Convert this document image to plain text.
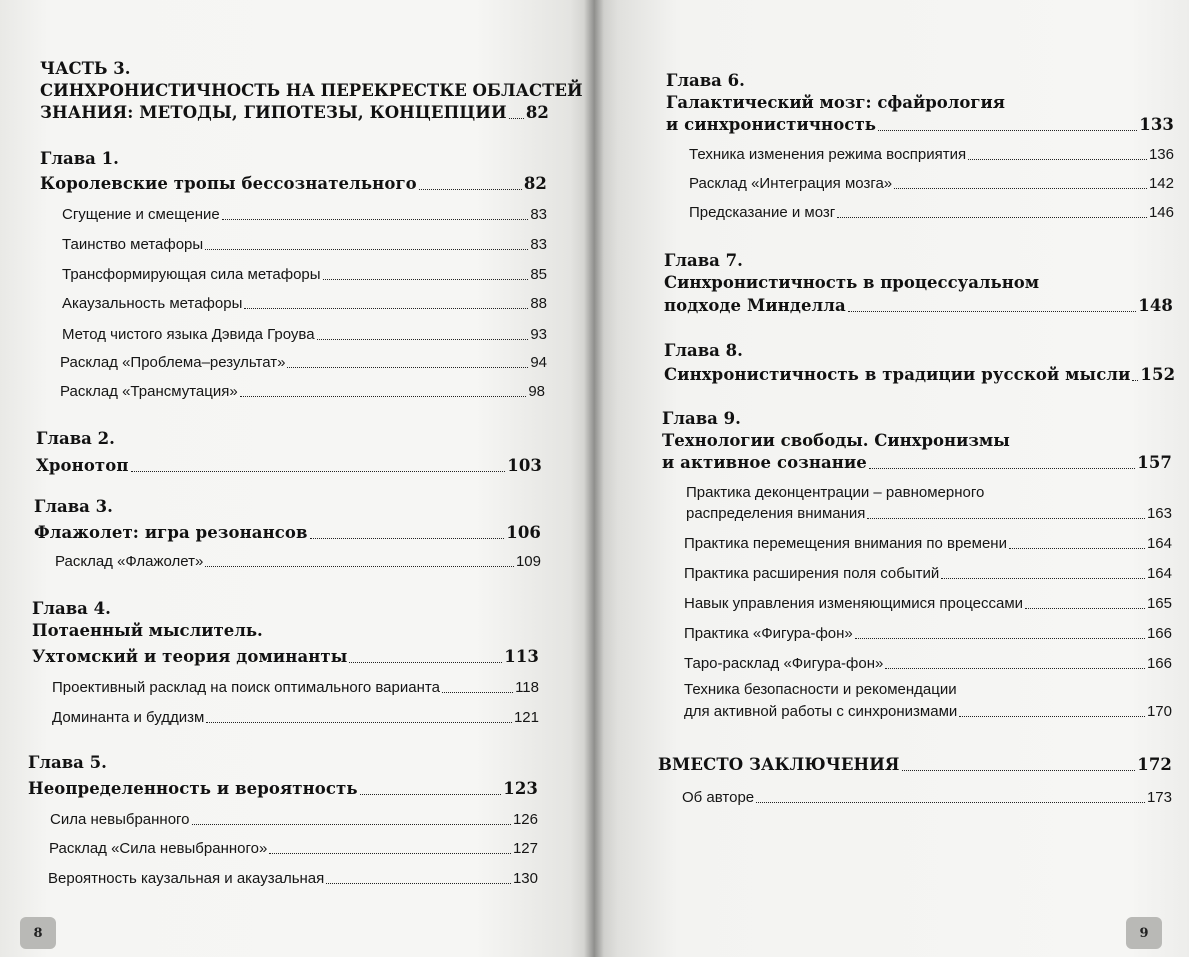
ЧАСТЬ 3.
СИНХРОНИСТИЧНОСТЬ НА ПЕРЕКРЕСТКЕ ОБЛАСТЕЙ
ЗНАНИЯ: МЕТОДЫ, ГИПОТЕЗЫ, КОНЦЕПЦИИ 82
Глава 1.
Королевские тропы бессознательного	82
Сгущение и смещение	83
Таинство метафоры	83
Трансформирующая сила метафоры	85
Акаузальность метафоры	88
Метод чистого языка Дэвида Гроува	93
Расклад «Проблема–результат»	94
Расклад «Трансмутация»	98
Глава 2.
Хронотоп	103
Глава 3.
Флажолет: игра резонансов	106
Расклад «Флажолет»	109
Глава 4.
Потаенный мыслитель.
Ухтомский и теория доминанты	113
Проективный расклад на поиск оптимального варианта	118
Доминанта и буддизм	121
Глава 5.
Неопределенность и вероятность	123
Сила невыбранного	126
Расклад «Сила невыбранного»	127
Вероятность каузальная и акаузальная	130
8
Глава 6.
Галактический мозг: сфайрология
и синхронистичность	133
Техника изменения режима восприятия	136
Расклад «Интеграция мозга»	142
Предсказание и мозг	146
Глава 7.
Синхронистичность в процессуальном
подходе Минделла	148
Глава 8.
Синхронистичность в традиции русской мысли 152
Глава 9.
Технологии свободы. Синхронизмы
и активное сознание	157
Практика деконцентрации – равномерного
распределения внимания	163
Практика перемещения внимания по времени	164
Практика расширения поля событий	164
Навык управления изменяющимися процессами	165
Практика «Фигура-фон»	166
Таро-расклад «Фигура-фон»	166
Техника безопасности и рекомендации
для активной работы с синхронизмами	170
ВМЕСТО ЗАКЛЮЧЕНИЯ	172
Об авторе	173
9
